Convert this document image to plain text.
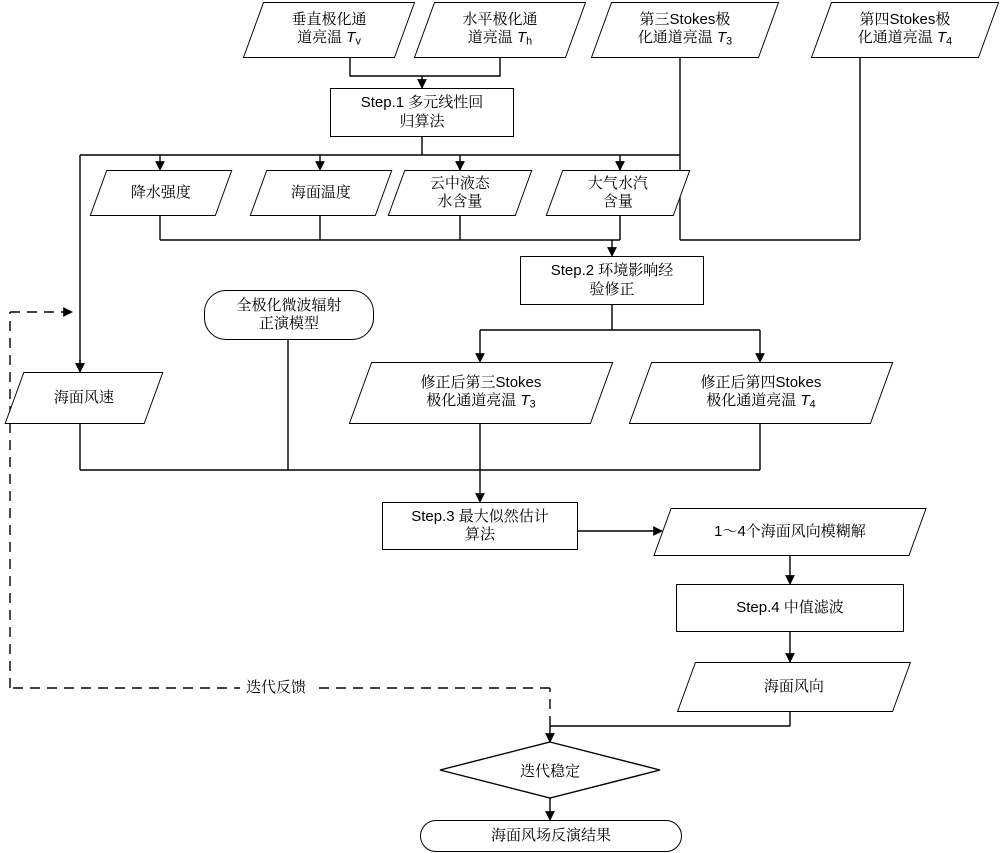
垂直极化通
道亮温 $T_v$
水平极化通
道亮温 $T_h$
第三Stokes极
化通道亮温 $T_3$
第四Stokes极
化通道亮温 $T_4$
Step.1 多元线性回
归算法
降水强度	海面温度
云中液态
水含量
大气水汽
含量
全极化微波辐射
正演模型
海面风速
Step.2 环境影响经
验修正
修正后第三Stokes
极化通道亮温 $T_3$
修正后第四Stokes
极化通道亮温 $T_4$
Step.3 最大似然估计
算法	1～4个海面风向模糊解
Step.4 中值滤波
海面风向
迭代稳定
海面风场反演结果
迭代反馈
